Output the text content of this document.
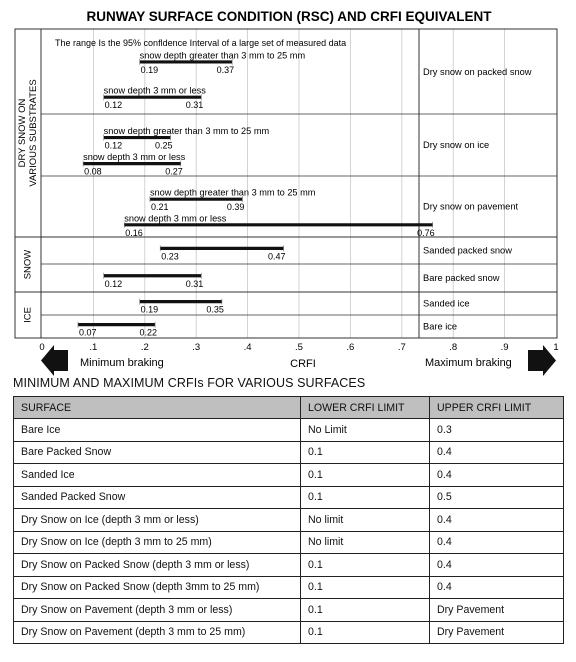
RUNWAY SURFACE CONDITION (RSC) AND CRFI EQUIVALENT
The range Is the 95% confldence Interval of a large set of measured data
DRY SNOW ON VARIOUS SUBSTRATES
Dry snow on packed snow
snow depth greater than 3 mm to 25 mm
0.19	0.37
snow depth 3 mm or less
0.12	0.31
Dry snow on ice
snow depth greater than 3 mm to 25 mm
0.12	0.25
snow depth 3 mm or less
0.08	0.27
Dry snow on pavement
snow depth greater than 3 mm to 25 mm
0.21	0.39
snow depth 3 mm or less
0.16	0.76
SNOW	Sanded packed snow
0.23	0.47
Bare packed snow
0.12	0.31
ICE
Sanded ice
0.19	0.35
Bare ice
0.07	0.22
0	.1	.2	.3	.4	.5	.6	.7	.8	.9	1
CRFI
Minimum braking	Maximum braking
MINIMUM AND MAXIMUM CRFIs FOR VARIOUS SURFACES
SURFACE	LOWER CRFI LIMIT	UPPER CRFI LIMIT
Bare Ice	No Limit	0.3
Bare Packed Snow	0.1	0.4
Sanded Ice	0.1	0.4
Sanded Packed Snow	0.1	0.5
Dry Snow on Ice (depth 3 mm or less)	No limit	0.4
Dry Snow on Ice (depth 3 mm to 25 mm)	No limit	0.4
Dry Snow on Packed Snow (depth 3 mm or less)	0.1	0.4
Dry Snow on Packed Snow (depth 3mm to 25 mm)	0.1	0.4
Dry Snow on Pavement (depth 3 mm or less)	0.1	Dry Pavement
Dry Snow on Pavement (depth 3 mm to 25 mm)	0.1	Dry Pavement
